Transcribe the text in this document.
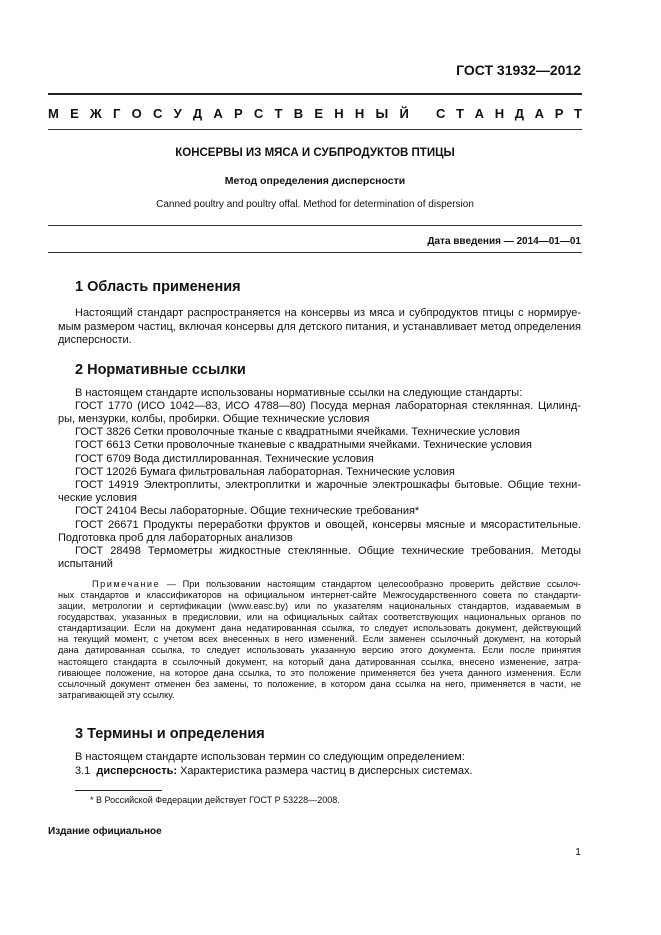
ГОСТ 31932—2012
М Е Ж Г О С У Д А Р С Т В Е Н Н Ы Й С Т А Н Д А Р Т
КОНСЕРВЫ ИЗ МЯСА И СУБПРОДУКТОВ ПТИЦЫ
Метод определения дисперсности
Canned poultry and poultry offal. Method for determination of dispersion
Дата введения — 2014—01—01
1 Область применения
Настоящий стандарт распространяется на консервы из мяса и субпродуктов птицы с нормируе-
мым размером частиц, включая консервы для детского питания, и устанавливает метод определения
дисперсности.
2 Нормативные ссылки
В настоящем стандарте использованы нормативные ссылки на следующие стандарты:
ГОСТ 1770 (ИСО 1042—83, ИСО 4788—80) Посуда мерная лабораторная стеклянная. Цилинд-
ры, мензурки, колбы, пробирки. Общие технические условия
ГОСТ 3826 Сетки проволочные тканые с квадратными ячейками. Технические условия
ГОСТ 6613 Сетки проволочные тканевые с квадратными ячейками. Технические условия
ГОСТ 6709 Вода дистиллированная. Технические условия
ГОСТ 12026 Бумага фильтровальная лабораторная. Технические условия
ГОСТ 14919 Электроплиты, электроплитки и жарочные электрошкафы бытовые. Общие техни-
ческие условия
ГОСТ 24104 Весы лабораторные. Общие технические требования*
ГОСТ 26671 Продукты переработки фруктов и овощей, консервы мясные и мясорастительные.
Подготовка проб для лабораторных анализов
ГОСТ 28498 Термометры жидкостные стеклянные. Общие технические требования. Методы
испытаний
Примечание — При пользовании настоящим стандартом целесообразно проверить действие ссылоч-
ных стандартов и классификаторов на официальном интернет-сайте Межгосударственного совета по стандарти-
зации, метрологии и сертификации (www.easc.by) или по указателям национальных стандартов, издаваемым в
государствах, указанных в предисловии, или на официальных сайтах соответствующих национальных органов по
стандартизации. Если на документ дана недатированная ссылка, то следует использовать документ, действующий
на текущий момент, с учетом всех внесенных в него изменений. Если заменен ссылочный документ, на который
дана датированная ссылка, то следует использовать указанную версию этого документа. Если после принятия
настоящего стандарта в ссылочный документ, на который дана датированная ссылка, внесено изменение, затра-
гивающее положение, на которое дана ссылка, то это положение применяется без учета данного изменения. Если
ссылочный документ отменен без замены, то положение, в котором дана ссылка на него, применяется в части, не
затрагивающей эту ссылку.
3 Термины и определения
В настоящем стандарте использован термин со следующим определением:
3.1 дисперсность: Характеристика размера частиц в дисперсных системах.
* В Российской Федерации действует ГОСТ Р 53228—2008.
Издание официальное
1
